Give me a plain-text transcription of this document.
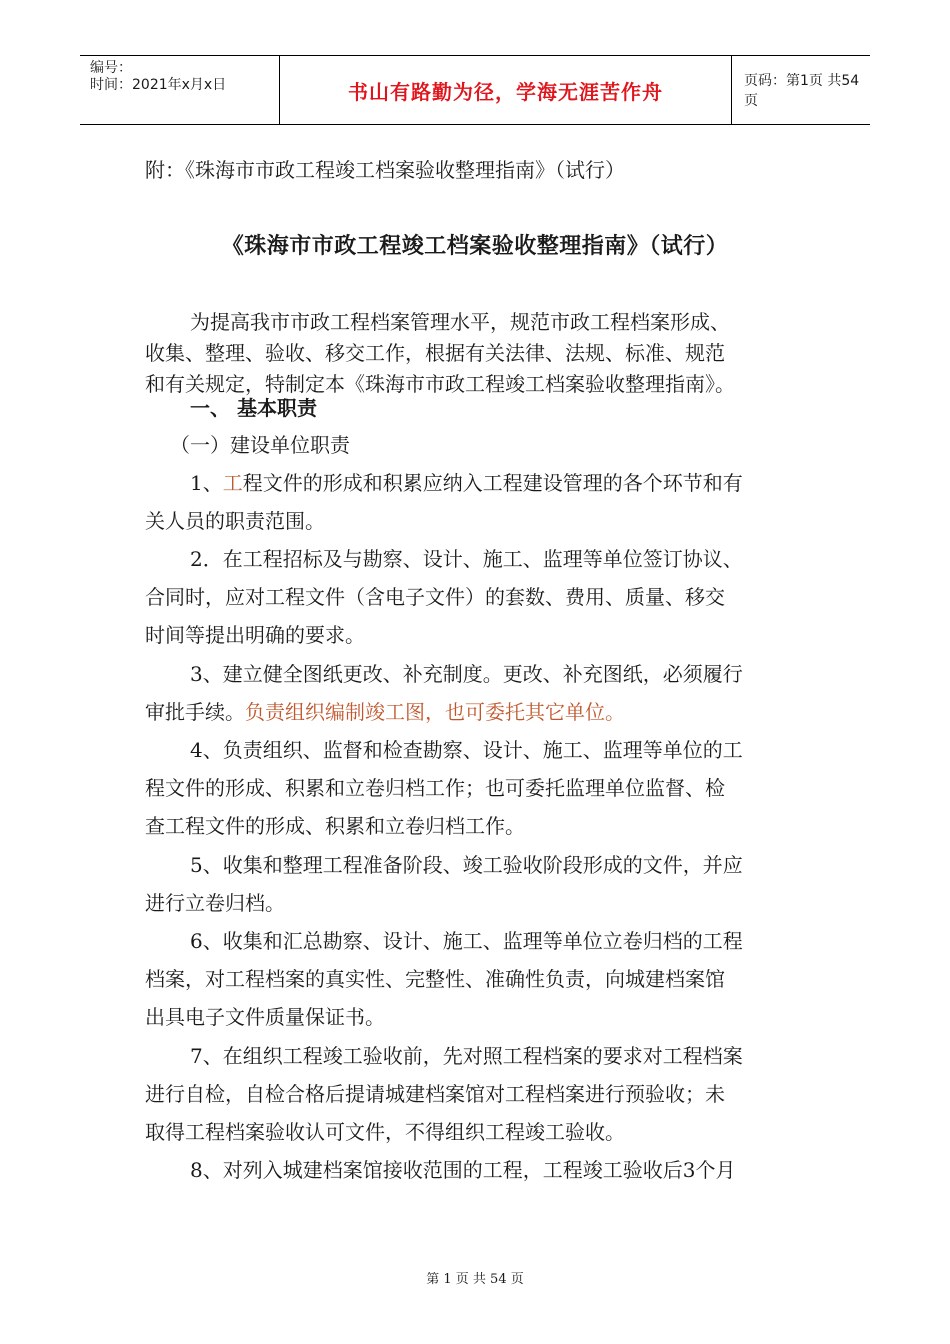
编号：
时间：2021年x月x日	书山有路勤为径，学海无涯苦作舟	页码：第1页 共54页
附：《珠海市市政工程竣工档案验收整理指南》（试行）
《珠海市市政工程竣工档案验收整理指南》（试行）
为提高我市市政工程档案管理水平，规范市政工程档案形成、
收集、整理、验收、移交工作，根据有关法律、法规、标准、规范
和有关规定，特制定本《珠海市市政工程竣工档案验收整理指南》。
一、 基本职责
（一）建设单位职责
1、工程文件的形成和积累应纳入工程建设管理的各个环节和有
关人员的职责范围。
2．在工程招标及与勘察、设计、施工、监理等单位签订协议、
合同时，应对工程文件（含电子文件）的套数、费用、质量、移交
时间等提出明确的要求。
3、建立健全图纸更改、补充制度。更改、补充图纸，必须履行
审批手续。负责组织编制竣工图，也可委托其它单位。
4、负责组织、监督和检查勘察、设计、施工、监理等单位的工
程文件的形成、积累和立卷归档工作；也可委托监理单位监督、检
查工程文件的形成、积累和立卷归档工作。
5、收集和整理工程准备阶段、竣工验收阶段形成的文件，并应
进行立卷归档。
6、收集和汇总勘察、设计、施工、监理等单位立卷归档的工程
档案，对工程档案的真实性、完整性、准确性负责，向城建档案馆
出具电子文件质量保证书。
7、在组织工程竣工验收前，先对照工程档案的要求对工程档案
进行自检，自检合格后提请城建档案馆对工程档案进行预验收；未
取得工程档案验收认可文件，不得组织工程竣工验收。
8、对列入城建档案馆接收范围的工程，工程竣工验收后3个月
第 1 页 共 54 页
